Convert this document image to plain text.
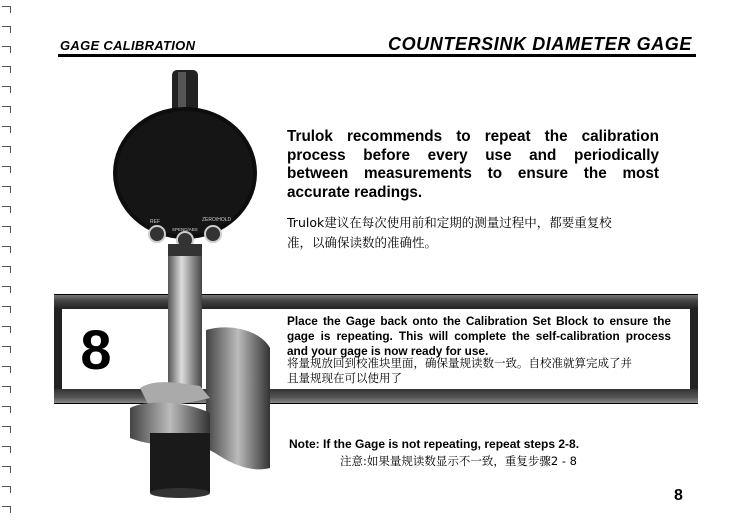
GAGE CALIBRATION	COUNTERSINK DIAMETER GAGE
8
REF	ZERO/HOLD
SPEND/ABS
Trulok recommends to repeat the calibration
process before every use and periodically
between measurements to ensure the most
accurate readings.
Trulok建议在每次使用前和定期的测量过程中，都要重复校
准，以确保读数的准确性。
Place the Gage back onto the Calibration Set Block to ensure the gage is repeating. This will complete the self-calibration process and your gage is now ready for use.
将量规放回到校准块里面，确保量规读数一致。自校准就算完成了并
且量规现在可以使用了
Note: If the Gage is not repeating, repeat steps 2-8.
注意:如果量规读数显示不一致，重复步骤2 - 8
8
